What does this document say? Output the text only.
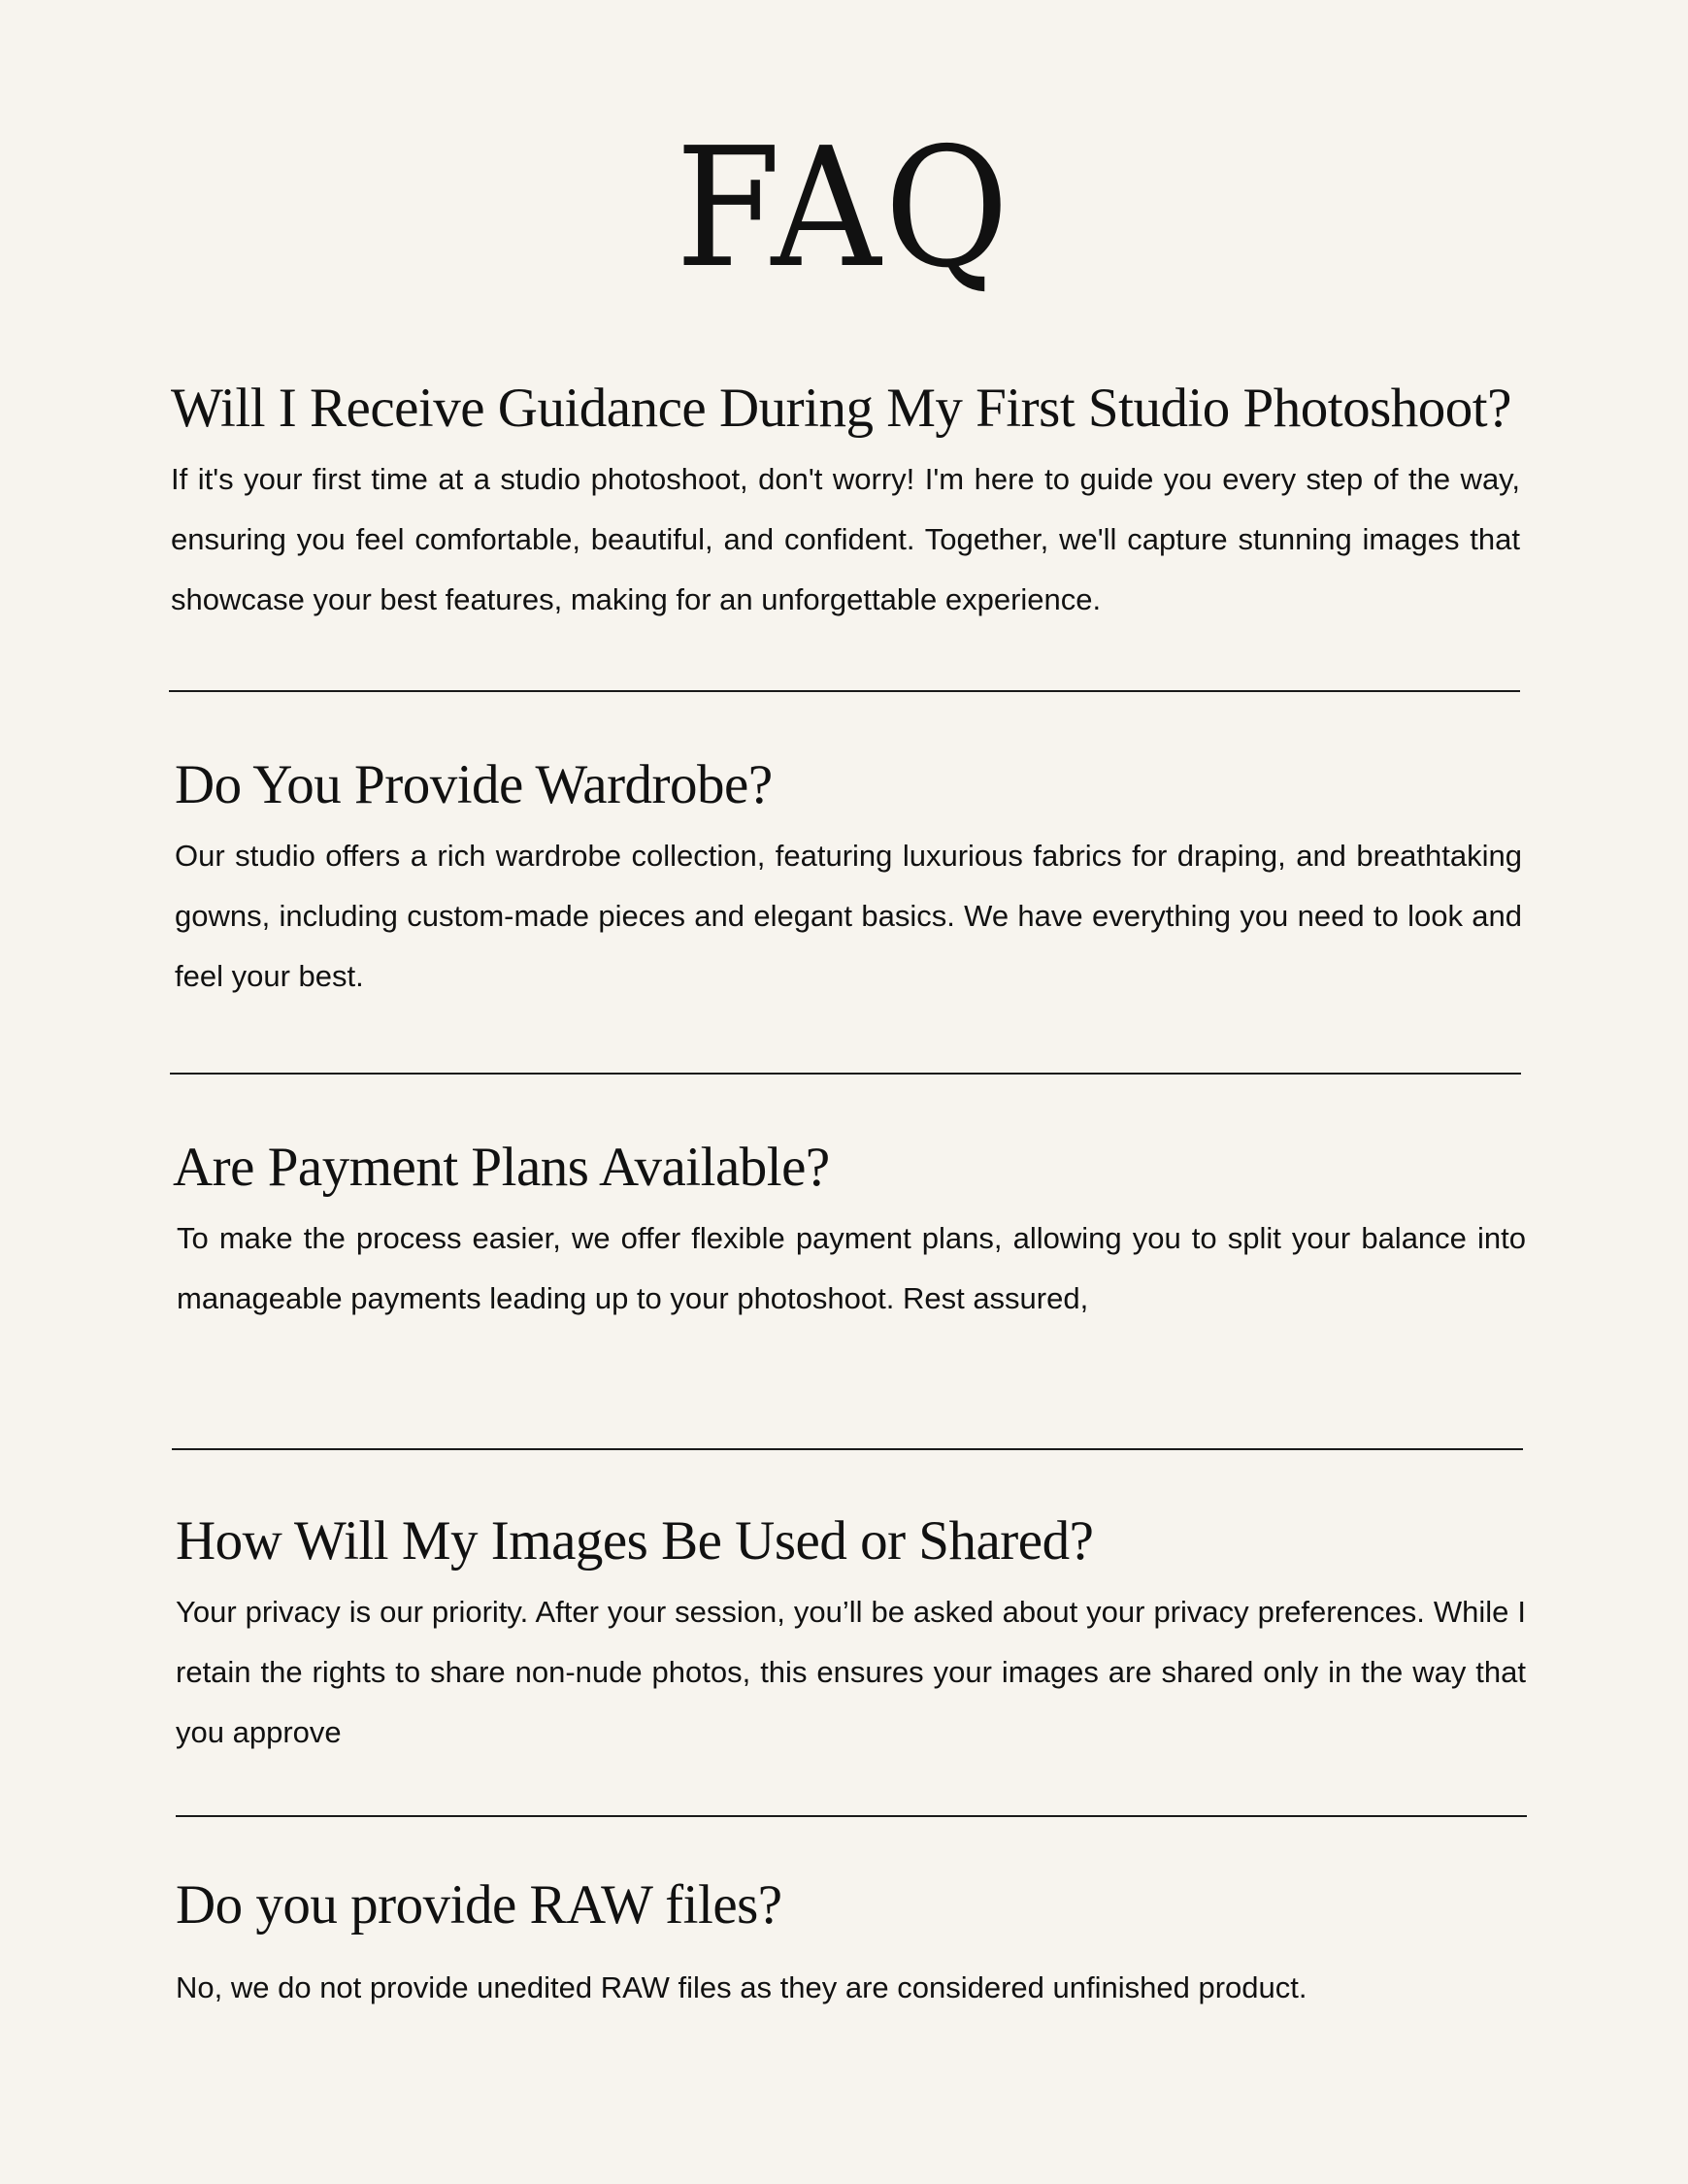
FAQ
Will I Receive Guidance During My First Studio Photoshoot?

If it's your first time at a studio photoshoot, don't worry! I'm here to guide you every step of the way, ensuring you feel comfortable, beautiful, and confident. Together, we'll capture stunning images that showcase your best features, making for an unforgettable experience.

Do You Provide Wardrobe?

Our studio offers a rich wardrobe collection, featuring luxurious fabrics for draping, and breathtaking gowns, including custom-made pieces and elegant basics. We have everything you need to look and feel your best.

Are Payment Plans Available?

To make the process easier, we offer flexible payment plans, allowing you to split your balance into manageable payments leading up to your photoshoot. Rest assured,

How Will My Images Be Used or Shared?

Your privacy is our priority. After your session, you’ll be asked about your privacy preferences. While I retain the rights to share non-nude photos, this ensures your images are shared only in the way that you approve

Do you provide RAW files?

No, we do not provide unedited RAW files as they are considered unfinished product.
